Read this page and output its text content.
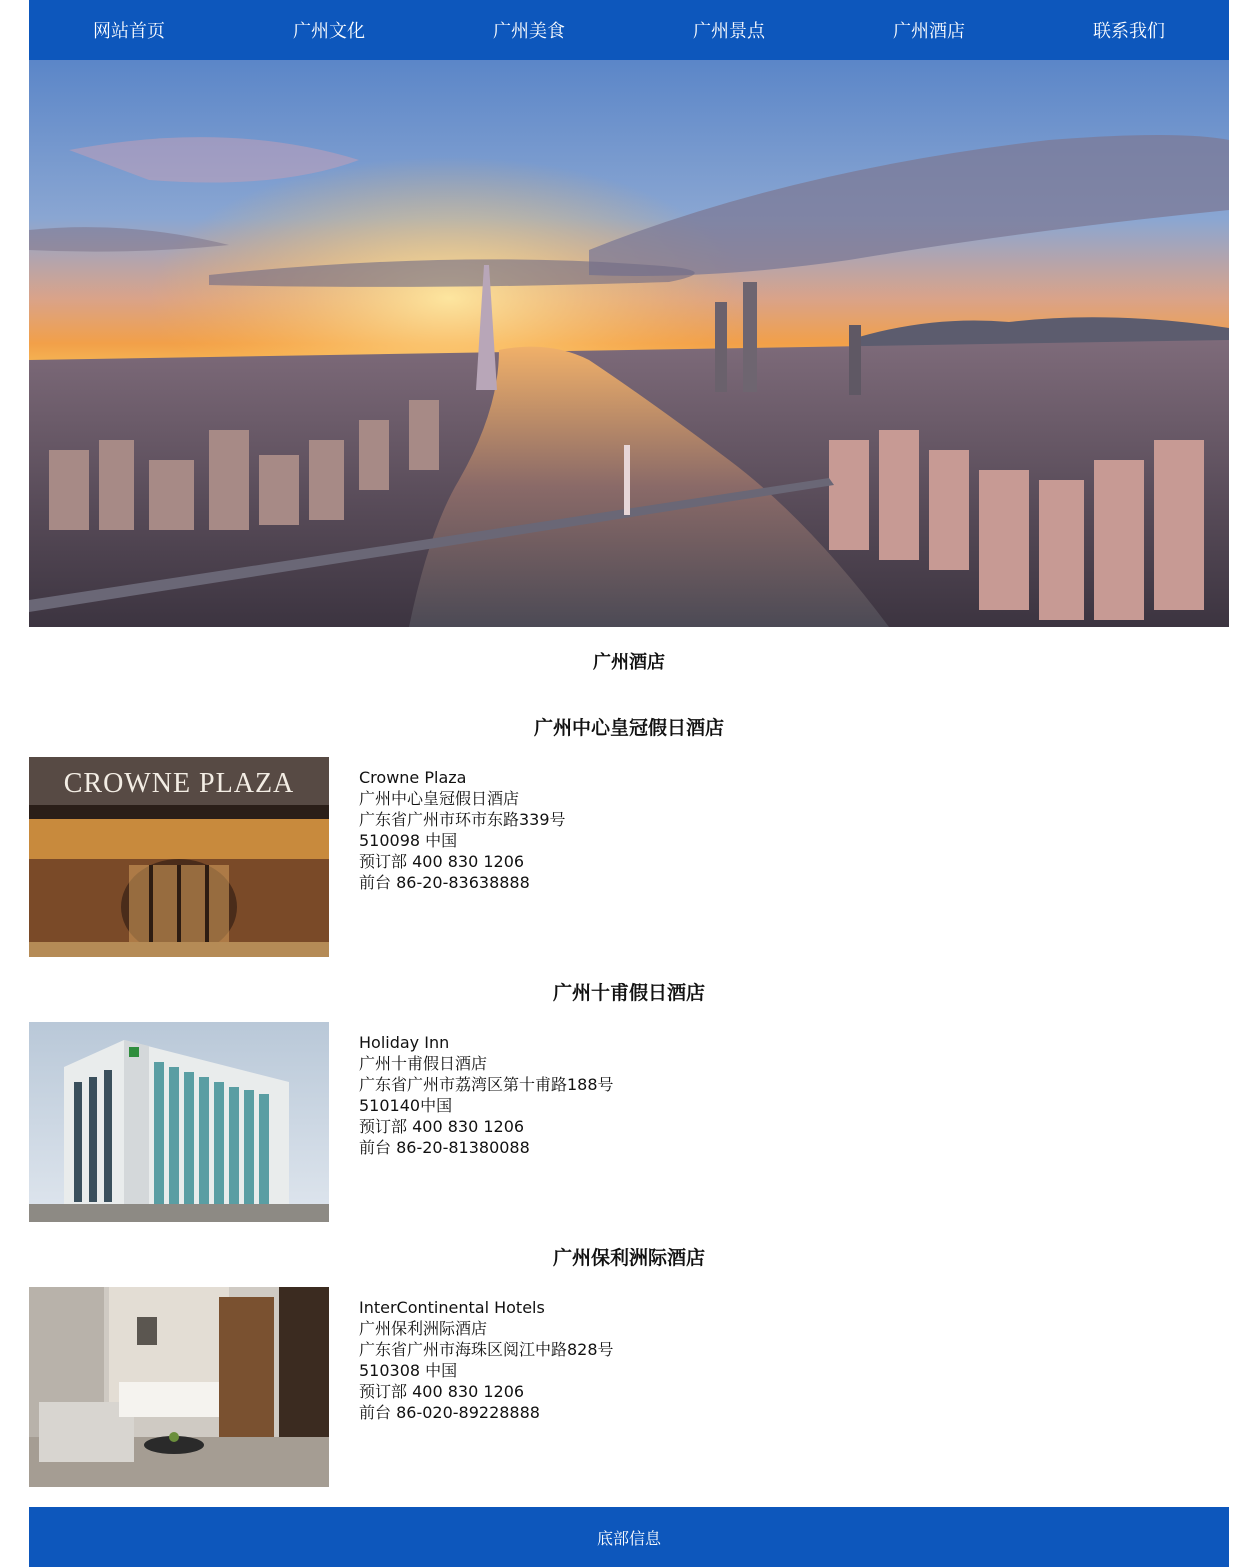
网站首页	广州文化	广州美食	广州景点	广州酒店	联系我们
广州酒店
广州中心皇冠假日酒店
CROWNE PLAZA	Crowne Plaza
广州中心皇冠假日酒店
广东省广州市环市东路339号
510098 中国
预订部 400 830 1206
前台 86-20-83638888
广州十甫假日酒店
Holiday Inn
广州十甫假日酒店
广东省广州市荔湾区第十甫路188号
510140中国
预订部 400 830 1206
前台 86-20-81380088
广州保利洲际酒店
InterContinental Hotels
广州保利洲际酒店
广东省广州市海珠区阅江中路828号
510308 中国
预订部 400 830 1206
前台 86-020-89228888
底部信息
